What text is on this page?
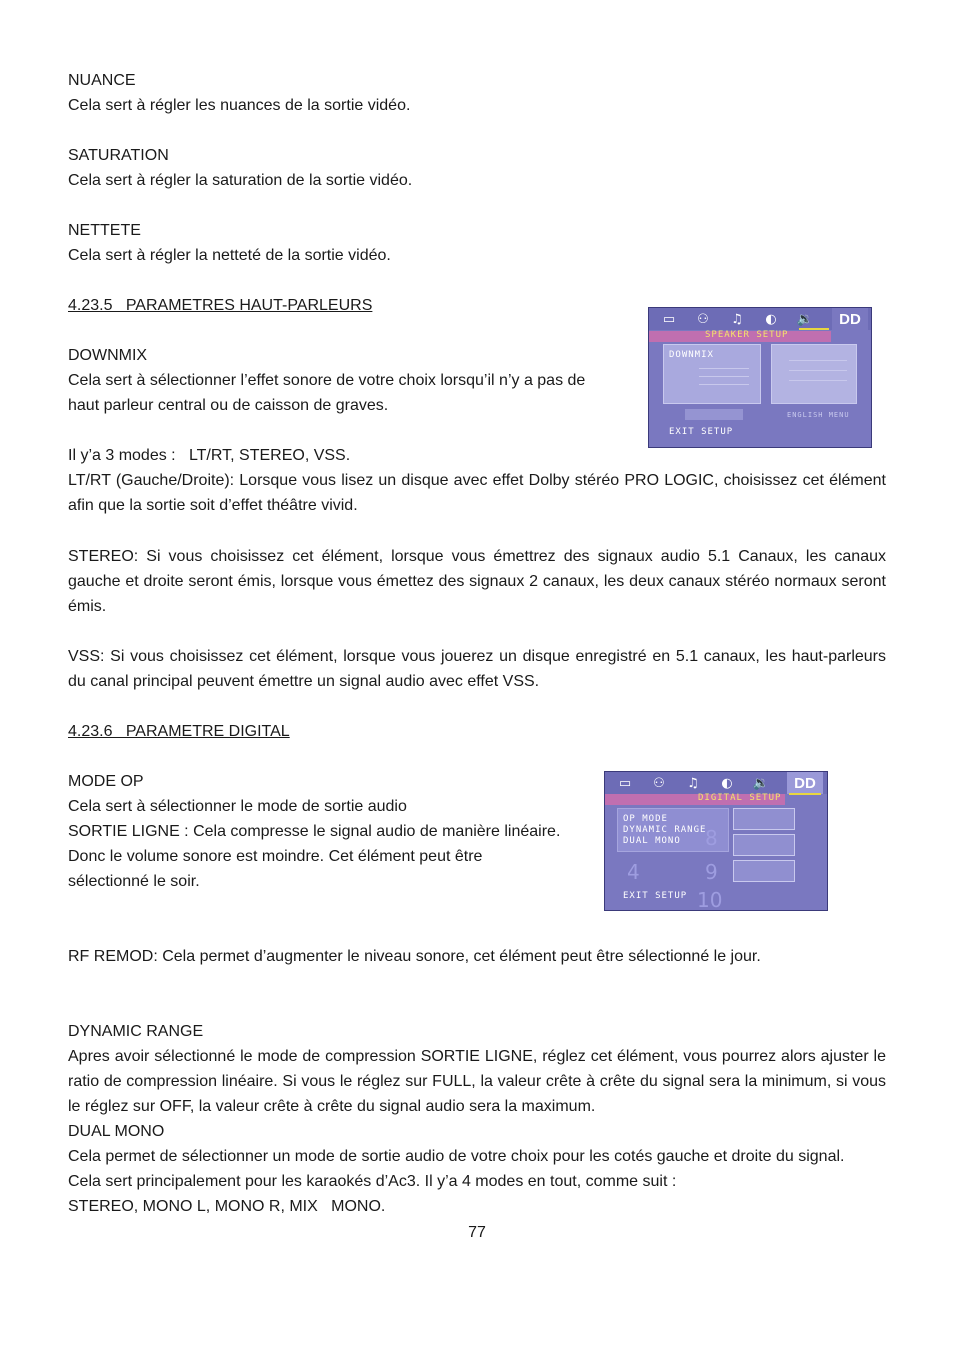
NUANCE

Cela sert à régler les nuances de la sortie vidéo.

SATURATION

Cela sert à régler la saturation de la sortie vidéo.

NETTETE

Cela sert à régler la netteté de la sortie vidéo.

4.23.5   PARAMETRES HAUT-PARLEURS

DOWNMIX

Cela sert à sélectionner l’effet sonore de votre choix lorsqu’il n’y a pas de

haut parleur central ou de caisson de graves.

Il y’a 3 modes :   LT/RT, STEREO, VSS.

LT/RT (Gauche/Droite): Lorsque vous lisez un disque avec effet Dolby stéréo PRO LOGIC, choisissez cet élément afin que la sortie soit d’effet théâtre vivid.

STEREO: Si vous choisissez cet élément, lorsque vous émettrez des signaux audio 5.1 Canaux, les canaux gauche et droite seront émis, lorsque vous émettez des signaux 2 canaux, les deux canaux stéréo normaux seront émis.

VSS: Si vous choisissez cet élément, lorsque vous jouerez un disque enregistré en 5.1 canaux, les haut-parleurs du canal principal peuvent émettre un signal audio avec effet VSS.

4.23.6   PARAMETRE DIGITAL

MODE OP

Cela sert à sélectionner le mode de sortie audio

SORTIE LIGNE : Cela compresse le signal audio de manière linéaire.

Donc le volume sonore est moindre. Cet élément peut être

sélectionné le soir.

RF REMOD: Cela permet d’augmenter le niveau sonore, cet élément peut être sélectionné le jour.

DYNAMIC RANGE

Apres avoir sélectionné le mode de compression SORTIE LIGNE, réglez cet élément, vous pourrez alors ajuster le ratio de compression linéaire. Si vous le réglez sur FULL, la valeur crête à crête du signal sera la minimum, si vous le réglez sur OFF, la valeur crête à crête du signal audio sera la maximum.

DUAL MONO

Cela permet de sélectionner un mode de sortie audio de votre choix pour les cotés gauche et droite du signal.

Cela sert principalement pour les karaokés d’Ac3. Il y’a 4 modes en tout, comme suit :

STEREO, MONO L, MONO R, MIX   MONO.

77
▭	⚇	♫	◐	🔉	DD
SPEAKER SETUP
DOWNMIX
ENGLISH MENU
EXIT SETUP
▭	⚇	♫	◐	🔉	DD
DIGITAL SETUP
8
4	9
10
OP MODE
DYNAMIC RANGE
DUAL MONO
EXIT SETUP
